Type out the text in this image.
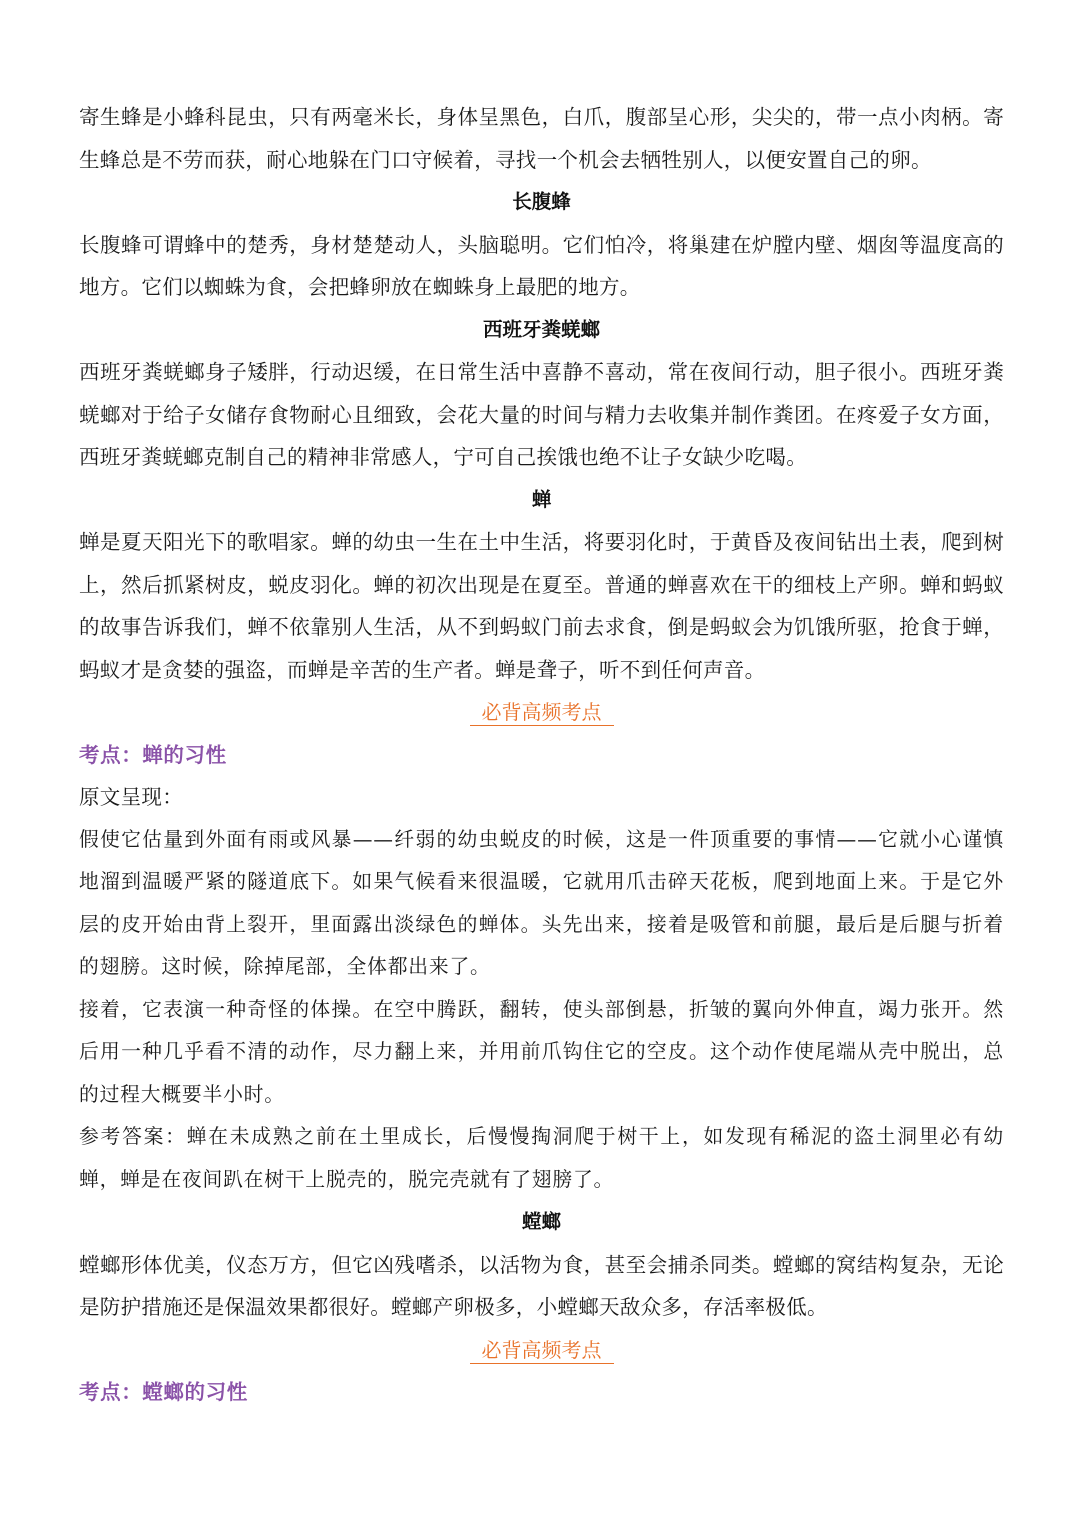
寄生蜂是小蜂科昆虫，只有两毫米长，身体呈黑色，白爪，腹部呈心形，尖尖的，带一点小肉柄。寄生蜂总是不劳而获，耐心地躲在门口守候着，寻找一个机会去牺牲别人，以便安置自己的卵。

长腹蜂

长腹蜂可谓蜂中的楚秀，身材楚楚动人，头脑聪明。它们怕冷，将巢建在炉膛内壁、烟囱等温度高的地方。它们以蜘蛛为食，会把蜂卵放在蜘蛛身上最肥的地方。

西班牙粪蜣螂

西班牙粪蜣螂身子矮胖，行动迟缓，在日常生活中喜静不喜动，常在夜间行动，胆子很小。西班牙粪蜣螂对于给子女储存食物耐心且细致，会花大量的时间与精力去收集并制作粪团。在疼爱子女方面，西班牙粪蜣螂克制自己的精神非常感人，宁可自己挨饿也绝不让子女缺少吃喝。

蝉

蝉是夏天阳光下的歌唱家。蝉的幼虫一生在土中生活，将要羽化时，于黄昏及夜间钻出土表，爬到树上，然后抓紧树皮，蜕皮羽化。蝉的初次出现是在夏至。普通的蝉喜欢在干的细枝上产卵。蝉和蚂蚁的故事告诉我们，蝉不依靠别人生活，从不到蚂蚁门前去求食，倒是蚂蚁会为饥饿所驱，抢食于蝉，蚂蚁才是贪婪的强盗，而蝉是辛苦的生产者。蝉是聋子，听不到任何声音。

必背高频考点
考点：蝉的习性

原文呈现：

假使它估量到外面有雨或风暴——纤弱的幼虫蜕皮的时候，这是一件顶重要的事情——它就小心谨慎地溜到温暖严紧的隧道底下。如果气候看来很温暖，它就用爪击碎天花板，爬到地面上来。于是它外层的皮开始由背上裂开，里面露出淡绿色的蝉体。头先出来，接着是吸管和前腿，最后是后腿与折着的翅膀。这时候，除掉尾部，全体都出来了。

接着，它表演一种奇怪的体操。在空中腾跃，翻转，使头部倒悬，折皱的翼向外伸直，竭力张开。然后用一种几乎看不清的动作，尽力翻上来，并用前爪钩住它的空皮。这个动作使尾端从壳中脱出，总的过程大概要半小时。

参考答案：蝉在未成熟之前在土里成长，后慢慢掏洞爬于树干上，如发现有稀泥的盗土洞里必有幼蝉，蝉是在夜间趴在树干上脱壳的，脱完壳就有了翅膀了。

螳螂

螳螂形体优美，仪态万方，但它凶残嗜杀，以活物为食，甚至会捕杀同类。螳螂的窝结构复杂，无论是防护措施还是保温效果都很好。螳螂产卵极多，小螳螂天敌众多，存活率极低。

必背高频考点
考点：螳螂的习性
